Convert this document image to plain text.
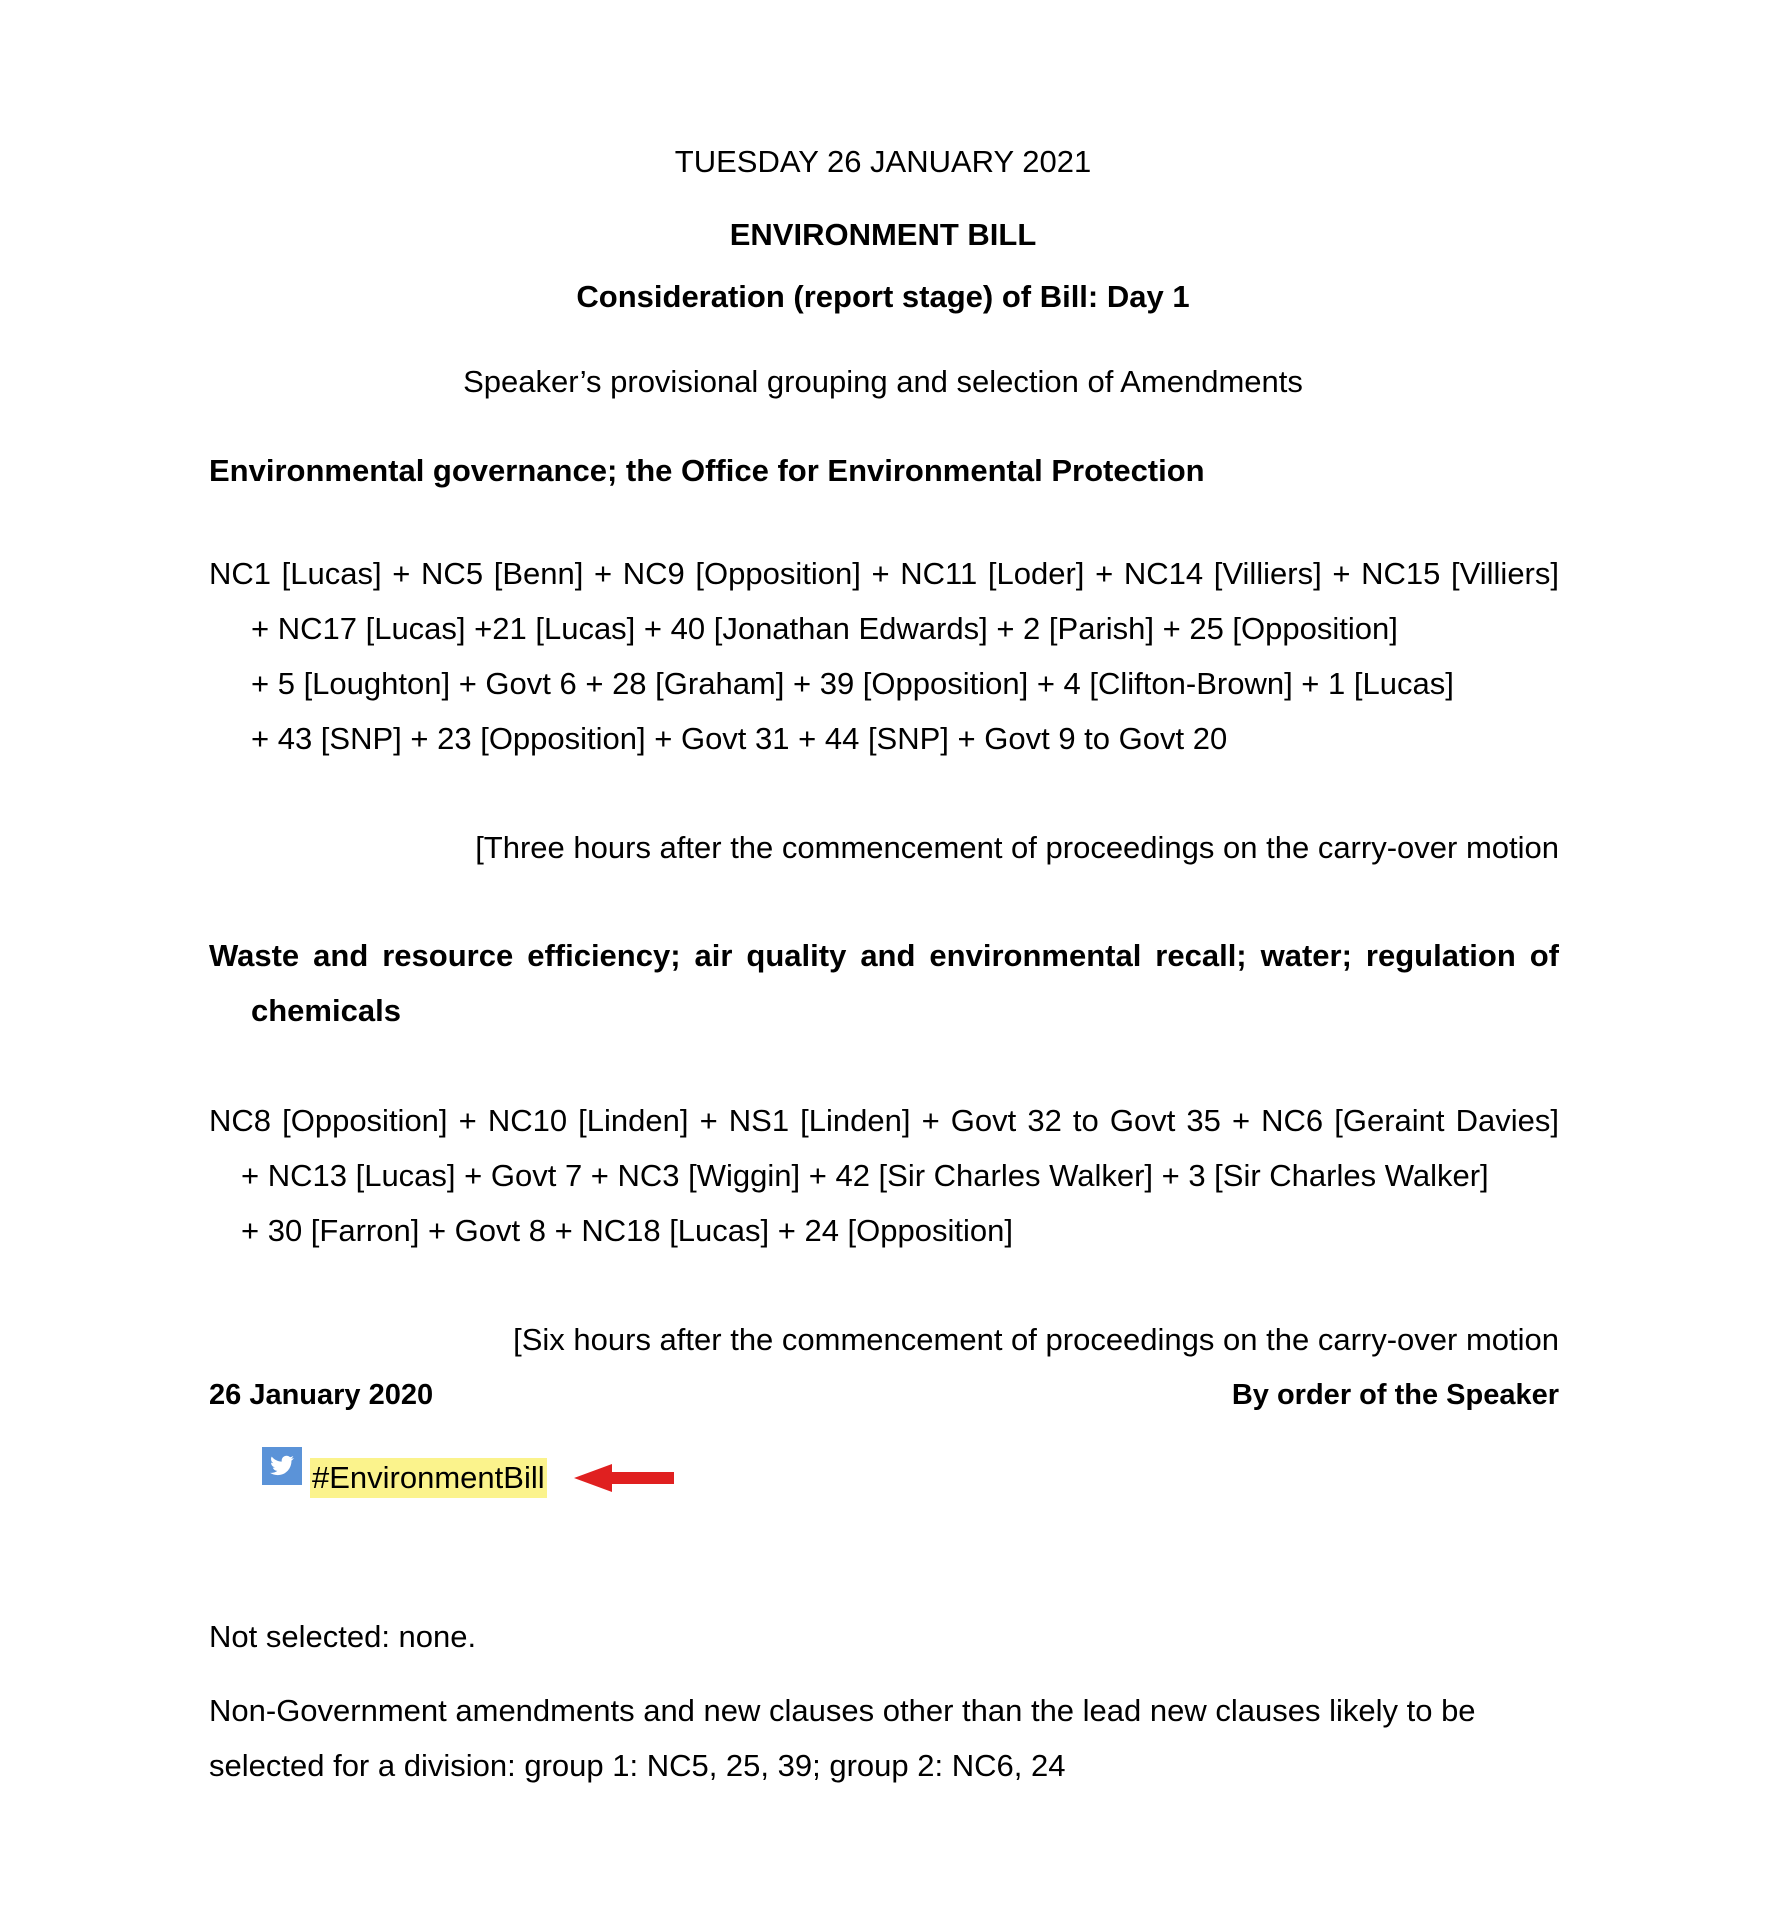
TUESDAY 26 JANUARY 2021
ENVIRONMENT BILL
Consideration (report stage) of Bill: Day 1
Speaker’s provisional grouping and selection of Amendments
Environmental governance; the Office for Environmental Protection
NC1 [Lucas] + NC5 [Benn] + NC9 [Opposition] + NC11 [Loder] + NC14 [Villiers] + NC15 [Villiers]
+ NC17 [Lucas] +21 [Lucas] + 40 [Jonathan Edwards] + 2 [Parish] + 25 [Opposition]
+ 5 [Loughton] + Govt 6 + 28 [Graham] + 39 [Opposition] + 4 [Clifton-Brown] + 1 [Lucas]
+ 43 [SNP] + 23 [Opposition] + Govt 31 + 44 [SNP] + Govt 9 to Govt 20
[Three hours after the commencement of proceedings on the carry-over motion
Waste and resource efficiency; air quality and environmental recall; water; regulation of
chemicals
NC8 [Opposition] + NC10 [Linden] + NS1 [Linden] + Govt 32 to Govt 35 + NC6 [Geraint Davies]
+ NC13 [Lucas] + Govt 7 + NC3 [Wiggin] + 42 [Sir Charles Walker] + 3 [Sir Charles Walker]
+ 30 [Farron] + Govt 8 + NC18 [Lucas] + 24 [Opposition]
[Six hours after the commencement of proceedings on the carry-over motion
26 January 2020	By order of the Speaker
#EnvironmentBill
Not selected: none.
Non-Government amendments and new clauses other than the lead new clauses likely to be
selected for a division: group 1: NC5, 25, 39; group 2: NC6, 24
